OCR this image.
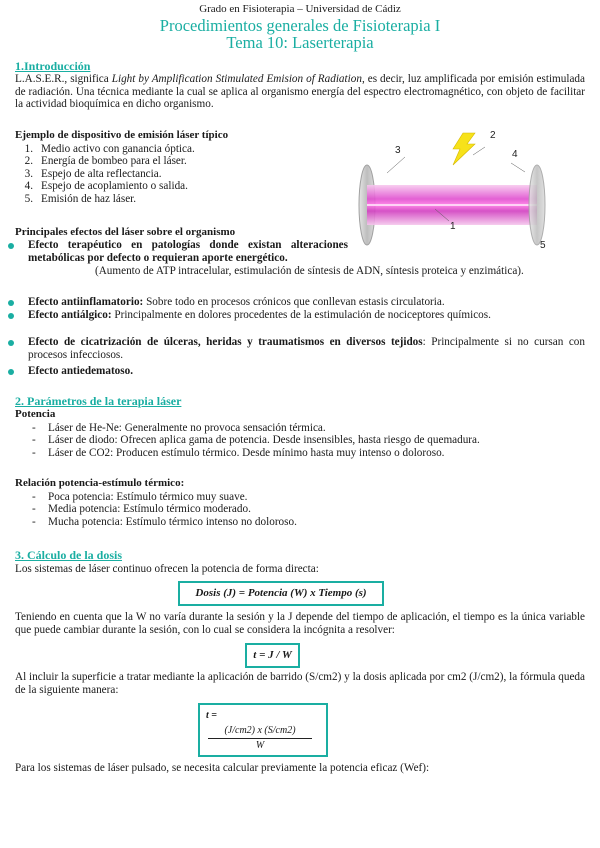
Grado en Fisioterapia – Universidad de Cádiz
Procedimientos generales de Fisioterapia I
Tema 10: Laserterapia
1.Introducción
L.A.S.E.R., significa Light by Amplification Stimulated Emision of Radiation, es decir, luz amplificada por emisión estimulada de radiación. Una técnica mediante la cual se aplica al organismo energía del espectro electromagnético, con objeto de facilitar la actividad bioquímica en dicho organismo.
Ejemplo de dispositivo de emisión láser típico
1. Medio activo con ganancia óptica.
2. Energía de bombeo para el láser.
3. Espejo de alta reflectancia.
4. Espejo de acoplamiento o salida.
5. Emisión de haz láser.
1
2
3	4
5
Principales efectos del láser sobre el organismo
Efecto terapéutico en patologías donde existan alteraciones metabólicas por defecto o requieran aporte energético.
(Aumento de ATP intracelular, estimulación de síntesis de ADN, síntesis proteica y enzimática).
Efecto antiinflamatorio: Sobre todo en procesos crónicos que conllevan estasis circulatoria.
Efecto antiálgico: Principalmente en dolores procedentes de la estimulación de nociceptores químicos.
Efecto de cicatrización de úlceras, heridas y traumatismos en diversos tejidos: Principalmente si no cursan con procesos infecciosos.
Efecto antiedematoso.
2. Parámetros de la terapia láser
Potencia
- Láser de He-Ne: Generalmente no provoca sensación térmica.
- Láser de diodo: Ofrecen aplica gama de potencia. Desde insensibles, hasta riesgo de quemadura.
- Láser de CO2: Producen estímulo térmico. Desde mínimo hasta muy intenso o doloroso.
Relación potencia-estímulo térmico:
- Poca potencia: Estímulo térmico muy suave.
- Media potencia: Estímulo térmico moderado.
- Mucha potencia: Estímulo térmico intenso no doloroso.
3. Cálculo de la dosis
Los sistemas de láser continuo ofrecen la potencia de forma directa:
Dosis (J) = Potencia (W) x Tiempo (s)
Teniendo en cuenta que la W no varía durante la sesión y la J depende del tiempo de aplicación, el tiempo es la única variable que puede cambiar durante la sesión, con lo cual se considera la incógnita a resolver:
t = J / W
Al incluir la superficie a tratar mediante la aplicación de barrido (S/cm2) y la dosis aplicada por cm2 (J/cm2), la fórmula queda de la siguiente manera:
t =
(J/cm2) x (S/cm2)
W
Para los sistemas de láser pulsado, se necesita calcular previamente la potencia eficaz (Wef):
